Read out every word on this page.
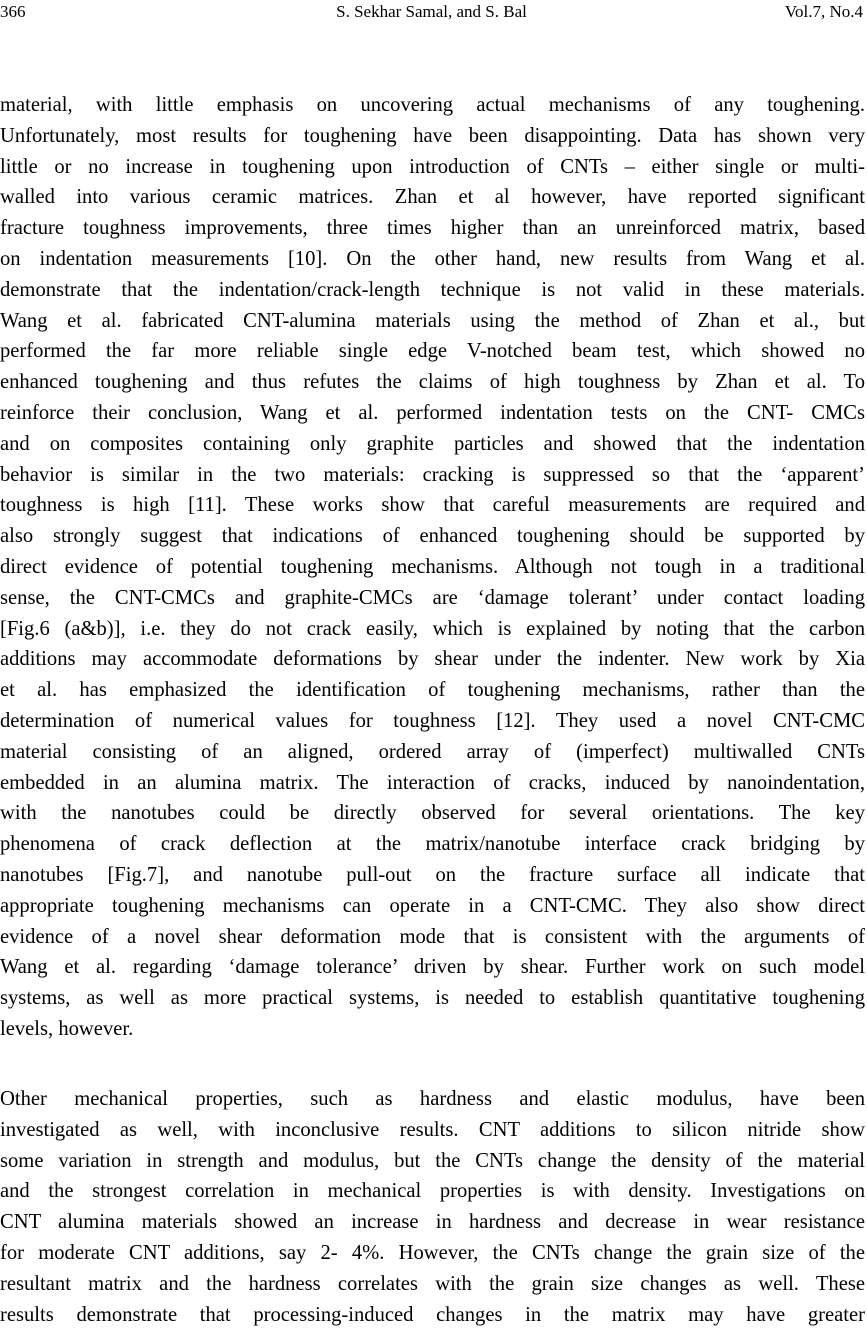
366	S. Sekhar Samal, and S. Bal	Vol.7, No.4
material, with little emphasis on uncovering actual mechanisms of any toughening.
Unfortunately, most results for toughening have been disappointing. Data has shown very
little or no increase in toughening upon introduction of CNTs – either single or multi-
walled into various ceramic matrices. Zhan et al however, have reported significant
fracture toughness improvements, three times higher than an unreinforced matrix, based
on indentation measurements [10]. On the other hand, new results from Wang et al.
demonstrate that the indentation/crack-length technique is not valid in these materials.
Wang et al. fabricated CNT-alumina materials using the method of Zhan et al., but
performed the far more reliable single edge V-notched beam test, which showed no
enhanced toughening and thus refutes the claims of high toughness by Zhan et al. To
reinforce their conclusion, Wang et al. performed indentation tests on the CNT- CMCs
and on composites containing only graphite particles and showed that the indentation
behavior is similar in the two materials: cracking is suppressed so that the ‘apparent’
toughness is high [11]. These works show that careful measurements are required and
also strongly suggest that indications of enhanced toughening should be supported by
direct evidence of potential toughening mechanisms. Although not tough in a traditional
sense, the CNT-CMCs and graphite-CMCs are ‘damage tolerant’ under contact loading
[Fig.6 (a&b)], i.e. they do not crack easily, which is explained by noting that the carbon
additions may accommodate deformations by shear under the indenter. New work by Xia
et al. has emphasized the identification of toughening mechanisms, rather than the
determination of numerical values for toughness [12]. They used a novel CNT-CMC
material consisting of an aligned, ordered array of (imperfect) multiwalled CNTs
embedded in an alumina matrix. The interaction of cracks, induced by nanoindentation,
with the nanotubes could be directly observed for several orientations. The key
phenomena of crack deflection at the matrix/nanotube interface crack bridging by
nanotubes [Fig.7], and nanotube pull-out on the fracture surface all indicate that
appropriate toughening mechanisms can operate in a CNT-CMC. They also show direct
evidence of a novel shear deformation mode that is consistent with the arguments of
Wang et al. regarding ‘damage tolerance’ driven by shear. Further work on such model
systems, as well as more practical systems, is needed to establish quantitative toughening
levels, however.
Other mechanical properties, such as hardness and elastic modulus, have been
investigated as well, with inconclusive results. CNT additions to silicon nitride show
some variation in strength and modulus, but the CNTs change the density of the material
and the strongest correlation in mechanical properties is with density. Investigations on
CNT alumina materials showed an increase in hardness and decrease in wear resistance
for moderate CNT additions, say 2- 4%. However, the CNTs change the grain size of the
resultant matrix and the hardness correlates with the grain size changes as well. These
results demonstrate that processing-induced changes in the matrix may have greater
